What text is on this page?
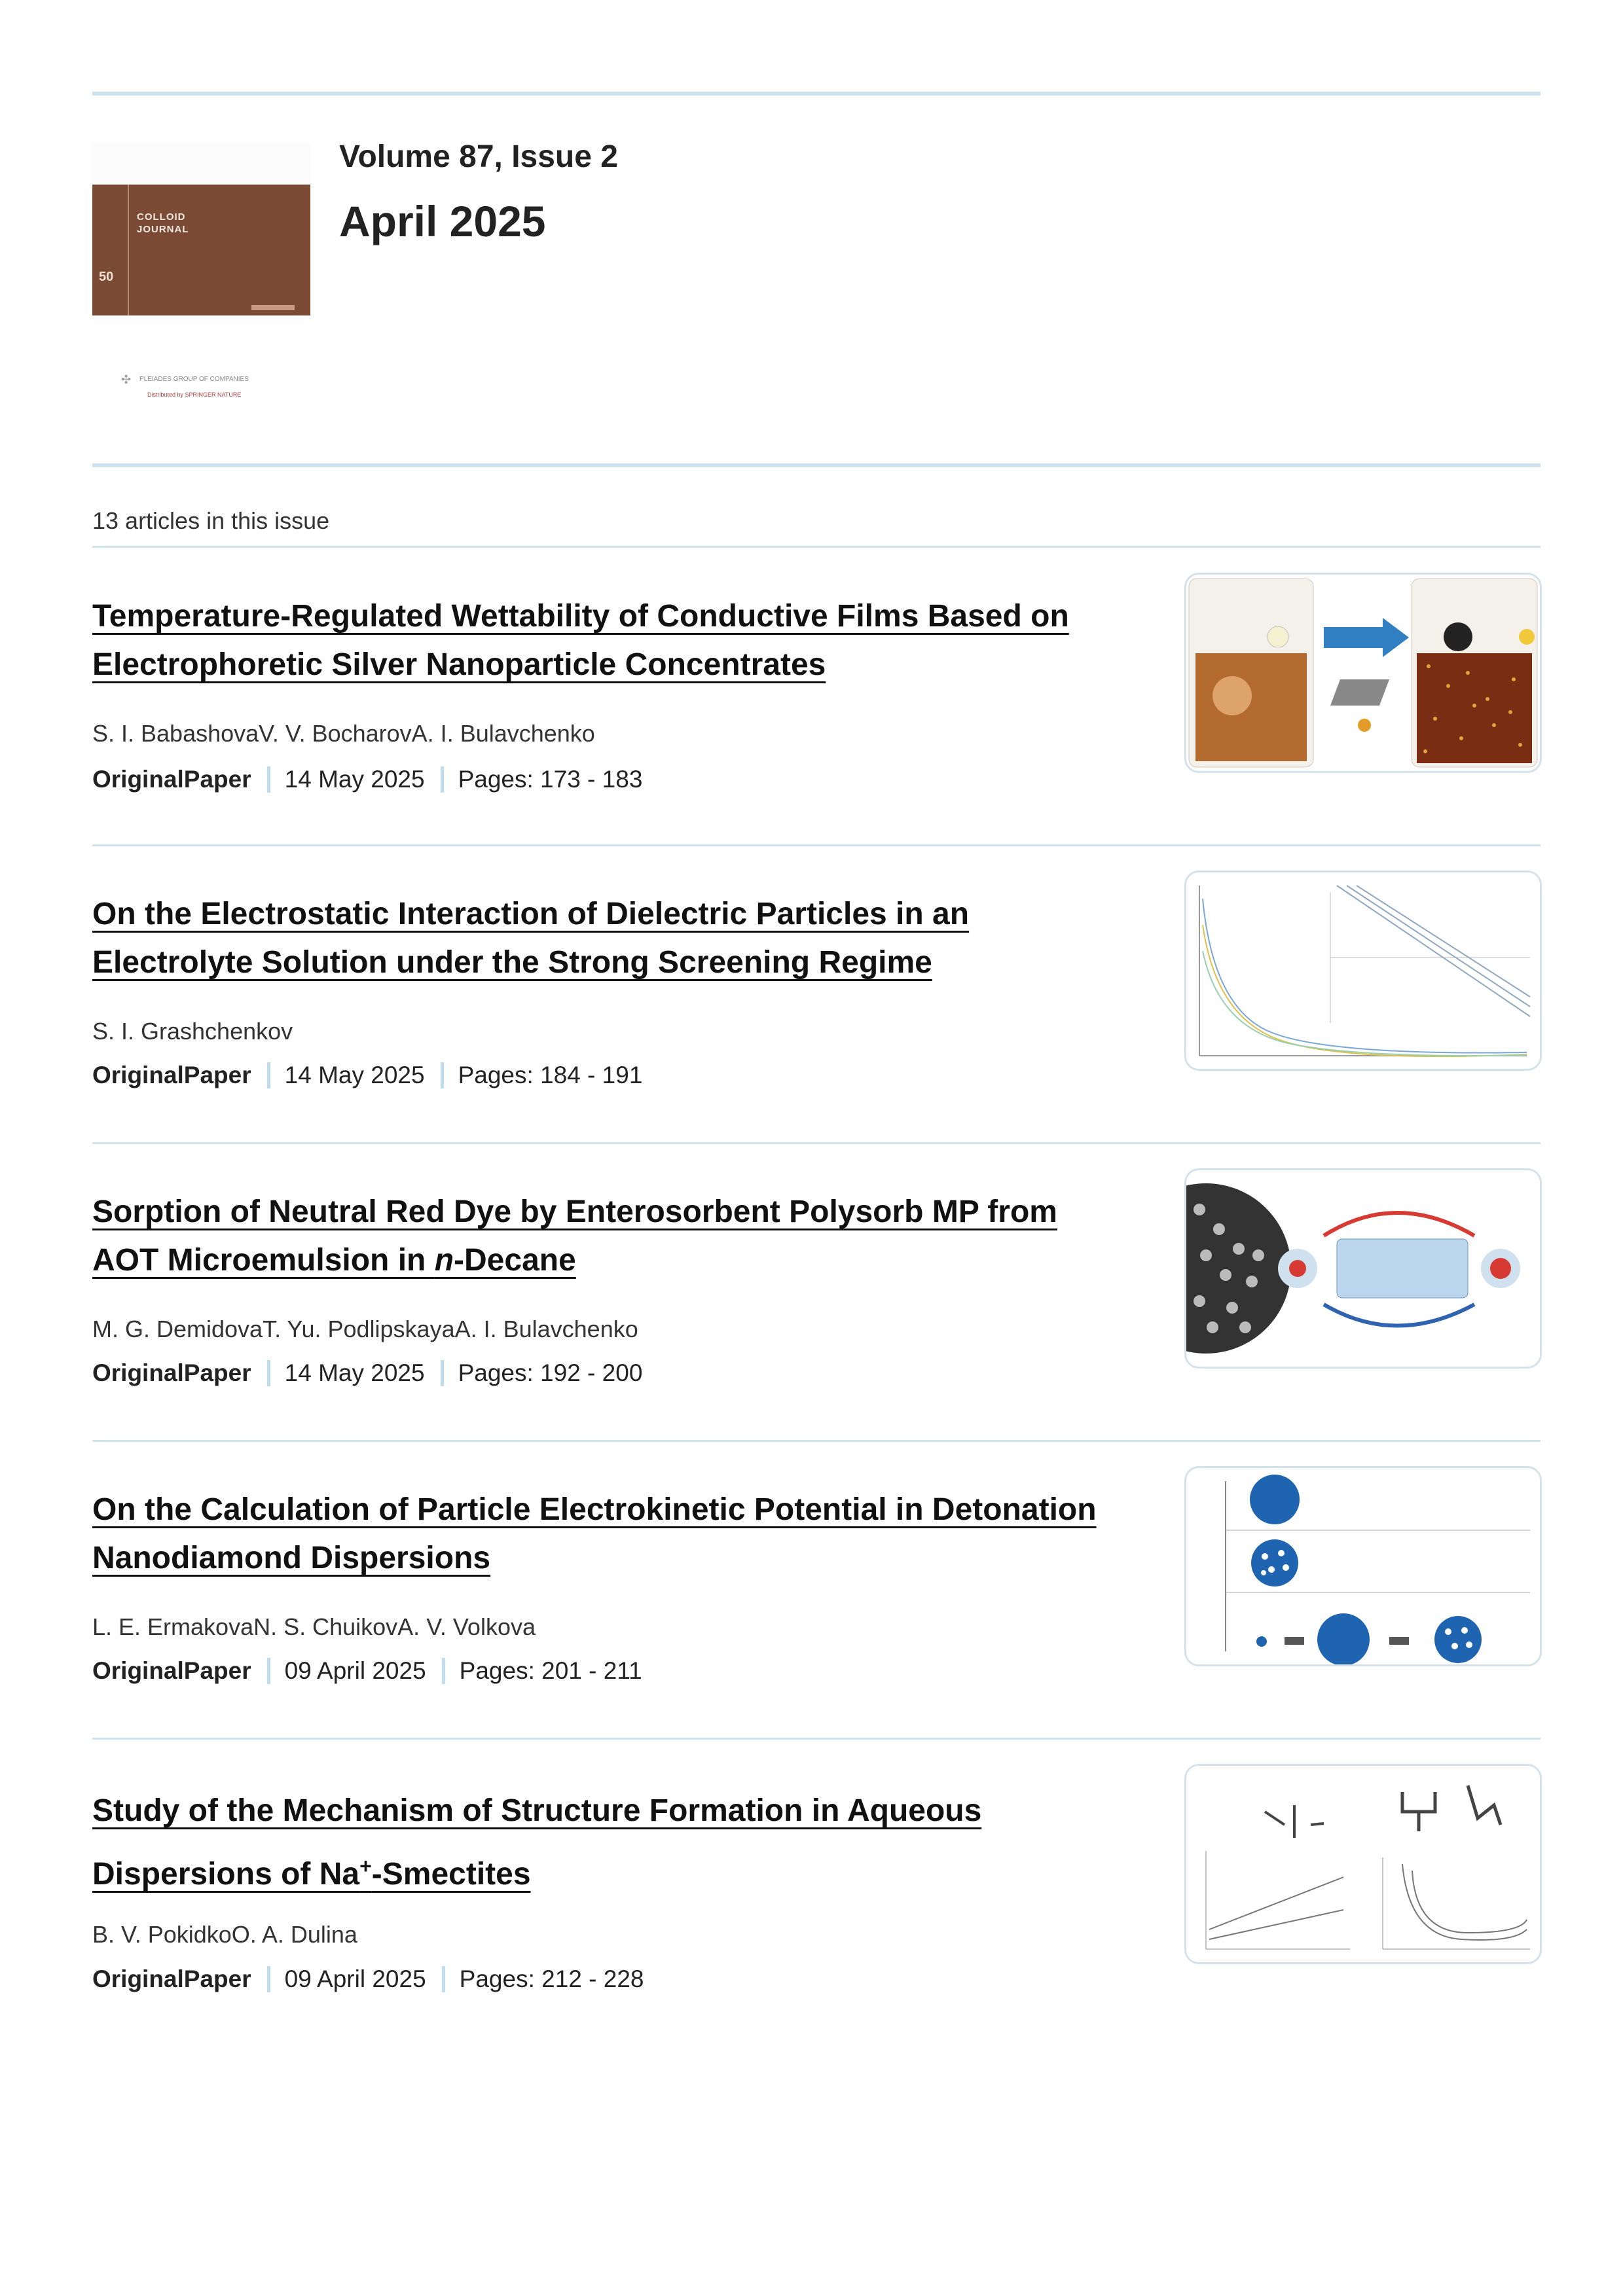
50
COLLOID
JOURNAL
✣ PLEIADES GROUP OF COMPANIES
Distributed by SPRINGER NATURE
Volume 87, Issue 2
April 2025
13 articles in this issue
Temperature-Regulated Wettability of Conductive Films Based on
Electrophoretic Silver Nanoparticle Concentrates
S. I. BabashovaV. V. BocharovA. I. Bulavchenko
OriginalPaper 14 May 2025 Pages: 173 - 183
On the Electrostatic Interaction of Dielectric Particles in an
Electrolyte Solution under the Strong Screening Regime
S. I. Grashchenkov
OriginalPaper 14 May 2025 Pages: 184 - 191
Sorption of Neutral Red Dye by Enterosorbent Polysorb MP from
AOT Microemulsion in n-Decane
M. G. DemidovaT. Yu. PodlipskayaA. I. Bulavchenko
OriginalPaper 14 May 2025 Pages: 192 - 200
On the Calculation of Particle Electrokinetic Potential in Detonation
Nanodiamond Dispersions
L. E. ErmakovaN. S. ChuikovA. V. Volkova
OriginalPaper 09 April 2025 Pages: 201 - 211
Study of the Mechanism of Structure Formation in Aqueous
Dispersions of Na+-Smectites
B. V. PokidkoO. A. Dulina
OriginalPaper 09 April 2025 Pages: 212 - 228
